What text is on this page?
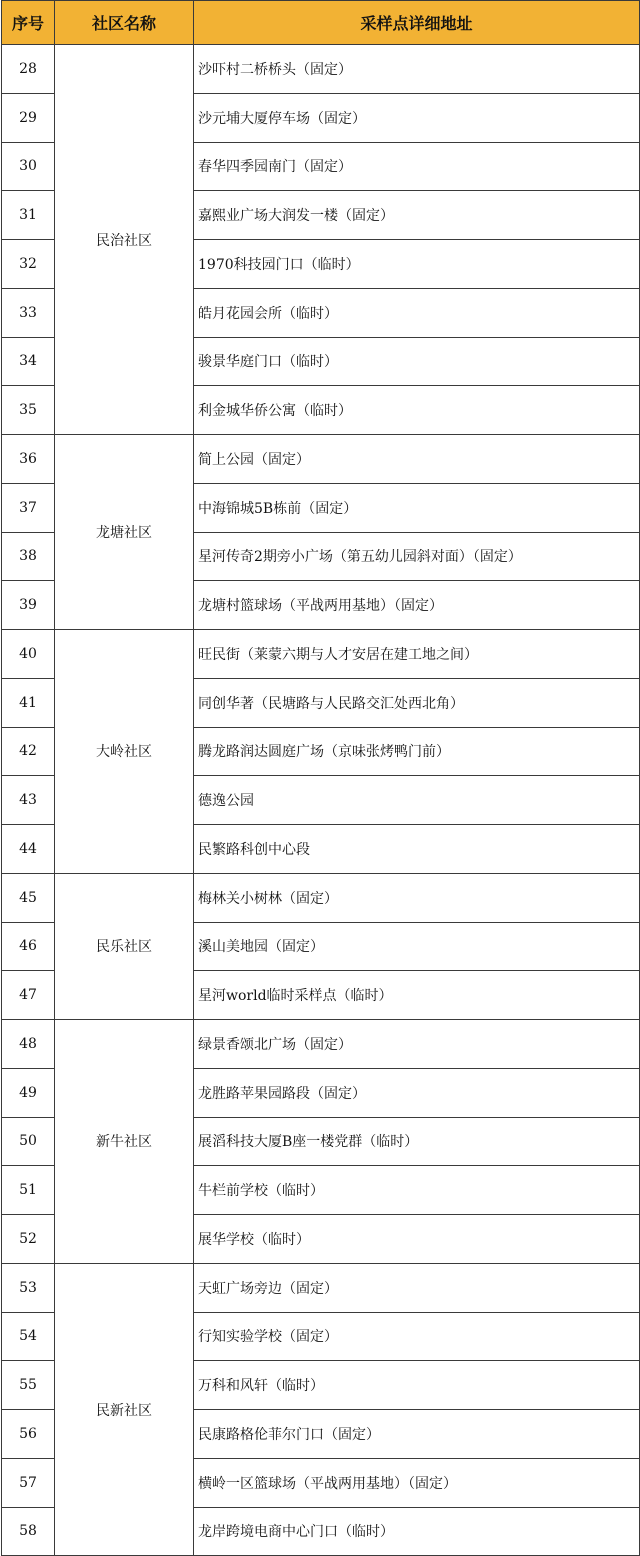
序号	社区名称	采样点详细地址
28	民治社区	沙吓村二桥桥头（固定）
29		沙元埔大厦停车场（固定）
30		春华四季园南门（固定）
31		嘉熙业广场大润发一楼（固定）
32		1970科技园门口（临时）
33		皓月花园会所（临时）
34		骏景华庭门口（临时）
35		利金城华侨公寓（临时）
36	龙塘社区	简上公园（固定）
37		中海锦城5B栋前（固定）
38		星河传奇2期旁小广场（第五幼儿园斜对面）（固定）
39		龙塘村篮球场（平战两用基地）（固定）
40	大岭社区	旺民街（莱蒙六期与人才安居在建工地之间）
41		同创华著（民塘路与人民路交汇处西北角）
42		腾龙路润达圆庭广场（京味张烤鸭门前）
43		德逸公园
44		民繁路科创中心段
45	民乐社区	梅林关小树林（固定）
46		溪山美地园（固定）
47		星河world临时采样点（临时）
48	新牛社区	绿景香颂北广场（固定）
49		龙胜路苹果园路段（固定）
50		展滔科技大厦B座一楼党群（临时）
51		牛栏前学校（临时）
52		展华学校（临时）
53	民新社区	天虹广场旁边（固定）
54		行知实验学校（固定）
55		万科和风轩（临时）
56		民康路格伦菲尔门口（固定）
57		横岭一区篮球场（平战两用基地）（固定）
58		龙岸跨境电商中心门口（临时）
